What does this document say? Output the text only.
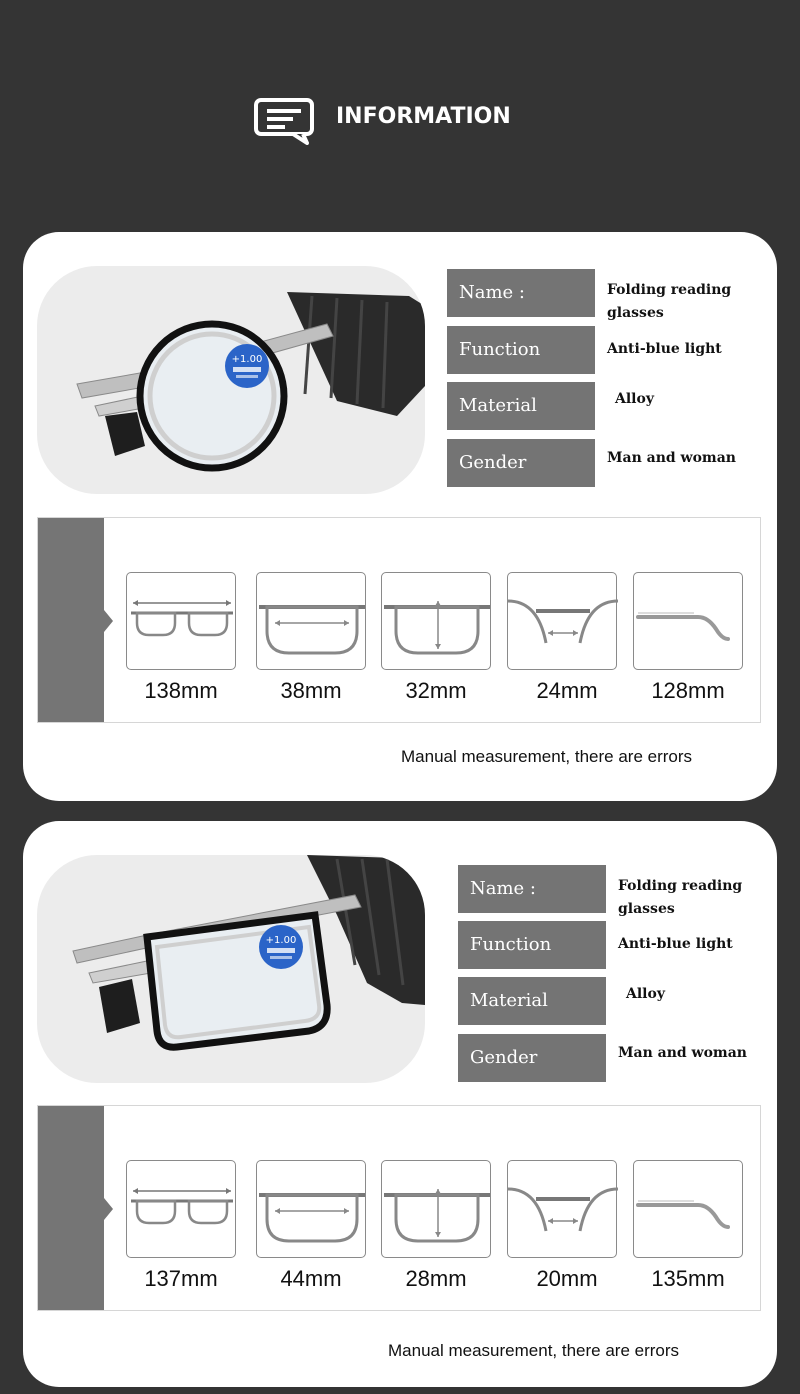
INFORMATION
+1.00
Name :	Folding reading glasses
Function	Anti-blue light
Material	Alloy
Gender	Man and woman
138mm	38mm	32mm	24mm	128mm
Manual measurement, there are errors
+1.00
Name :	Folding reading glasses
Function	Anti-blue light
Material	Alloy
Gender	Man and woman
137mm	44mm	28mm	20mm	135mm
Manual measurement, there are errors
